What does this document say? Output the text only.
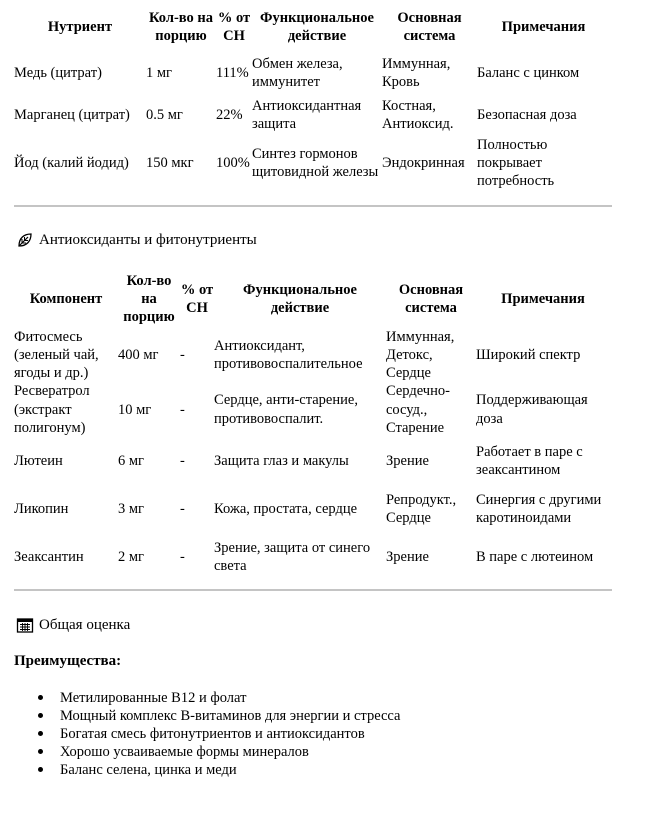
Нутриент	Кол-во на порцию	% от СН	Функциональное действие	Основная система	Примечания
Медь (цитрат)	1 мг	111%	Обмен железа, иммунитет	Иммунная, Кровь	Баланс с цинком
Марганец (цитрат)	0.5 мг	22%	Антиоксидантная защита	Костная, Антиоксид.	Безопасная доза
Йод (калий йодид)	150 мкг	100%	Синтез гормонов щитовидной железы	Эндокринная	Полностью покрывает потребность
Антиоксиданты и фитонутриенты
Компонент	Кол-во на порцию	% от СН	Функциональное действие	Основная система	Примечания
Фитосмесь (зеленый чай, ягоды и др.)	400 мг	-	Антиоксидант, противовоспалительное	Иммунная, Детокс, Сердце	Широкий спектр
Ресвератрол (экстракт полигонум)	10 мг	-	Сердце, анти-старение, противовоспалит.	Сердечно-сосуд., Старение	Поддерживающая доза
Лютеин	6 мг	-	Защита глаз и макулы	Зрение	Работает в паре с зеаксантином
Ликопин	3 мг	-	Кожа, простата, сердце	Репродукт., Сердце	Синергия с другими каротиноидами
Зеаксантин	2 мг	-	Зрение, защита от синего света	Зрение	В паре с лютеином
Общая оценка
Преимущества:
Метилированные B12 и фолат
Мощный комплекс B-витаминов для энергии и стресса
Богатая смесь фитонутриентов и антиоксидантов
Хорошо усваиваемые формы минералов
Баланс селена, цинка и меди
